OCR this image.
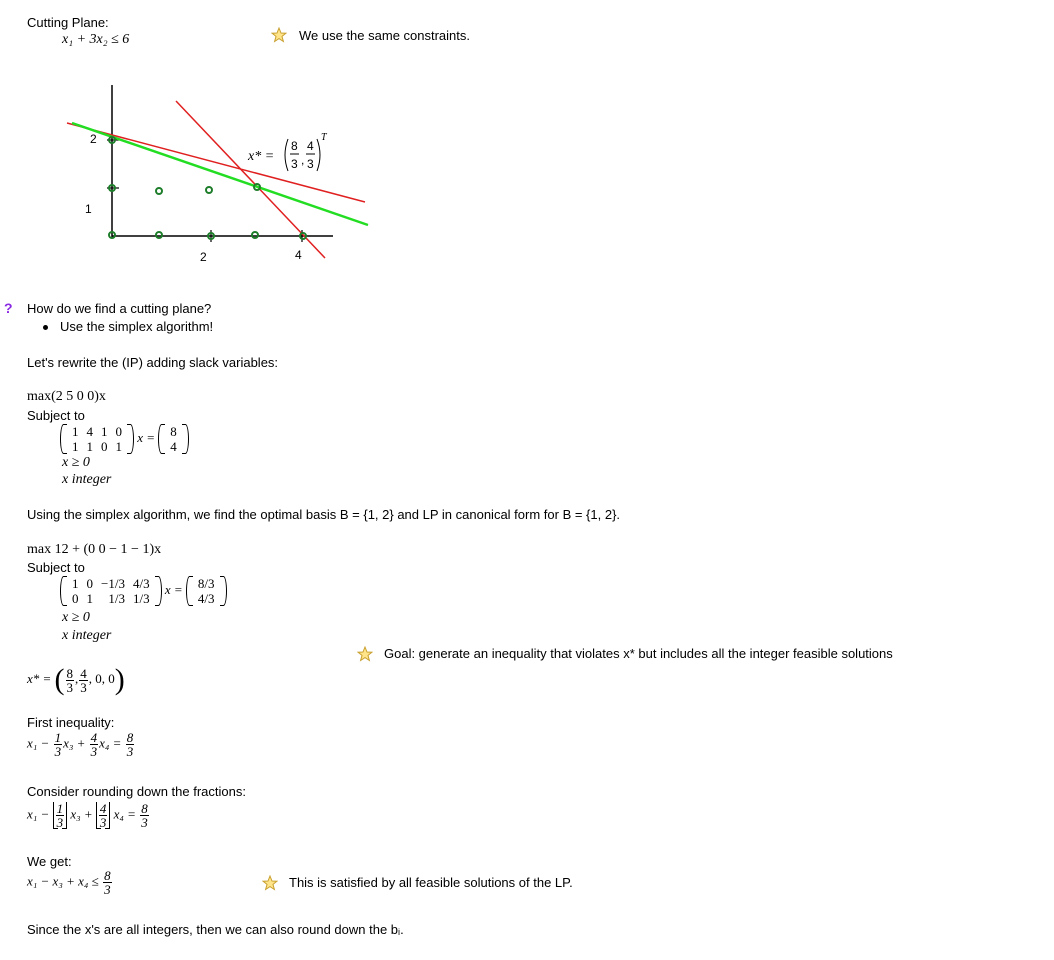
Cutting Plane:
x₁ + 3x₂ ≤ 6	We use the same constraints.
2
1
2	4
x* =
8
3 ,
4
3
T
? How do we find a cutting plane?
Use the simplex algorithm!
Let's rewrite the (IP) adding slack variables:
max(2 5 0 0)x
Subject to
1	4	1	0
1	1	0	1
x = 8
4
x ≥ 0
x integer
Using the simplex algorithm, we find the optimal basis B = {1, 2} and LP in canonical form for B = {1, 2}.
max 12 + (0 0 − 1 − 1)x
Subject to
1	0	−1/3	4/3
0	1	1/3	1/3
x = 8/3
4/3
x ≥ 0
x integer
Goal: generate an inequality that violates x* but includes all the integer feasible solutions
x* = ( $\frac{8}{3}$ , $\frac{4}{3}$ , 0, 0)
First inequality:
$x_1 - \frac{1}{3} x_3 + \frac{4}{3} x_4 = \frac{8}{3}$
Consider rounding down the fractions:
$x_1 - \frac{1}{3} x_3 + \frac{4}{3} x_4 = \frac{8}{3}$
We get:
$x_1 - x_3 + x_4 \le \frac{8}{3}$	This is satisfied by all feasible solutions of the LP.
Since the x's are all integers, then we can also round down the bᵢ.
